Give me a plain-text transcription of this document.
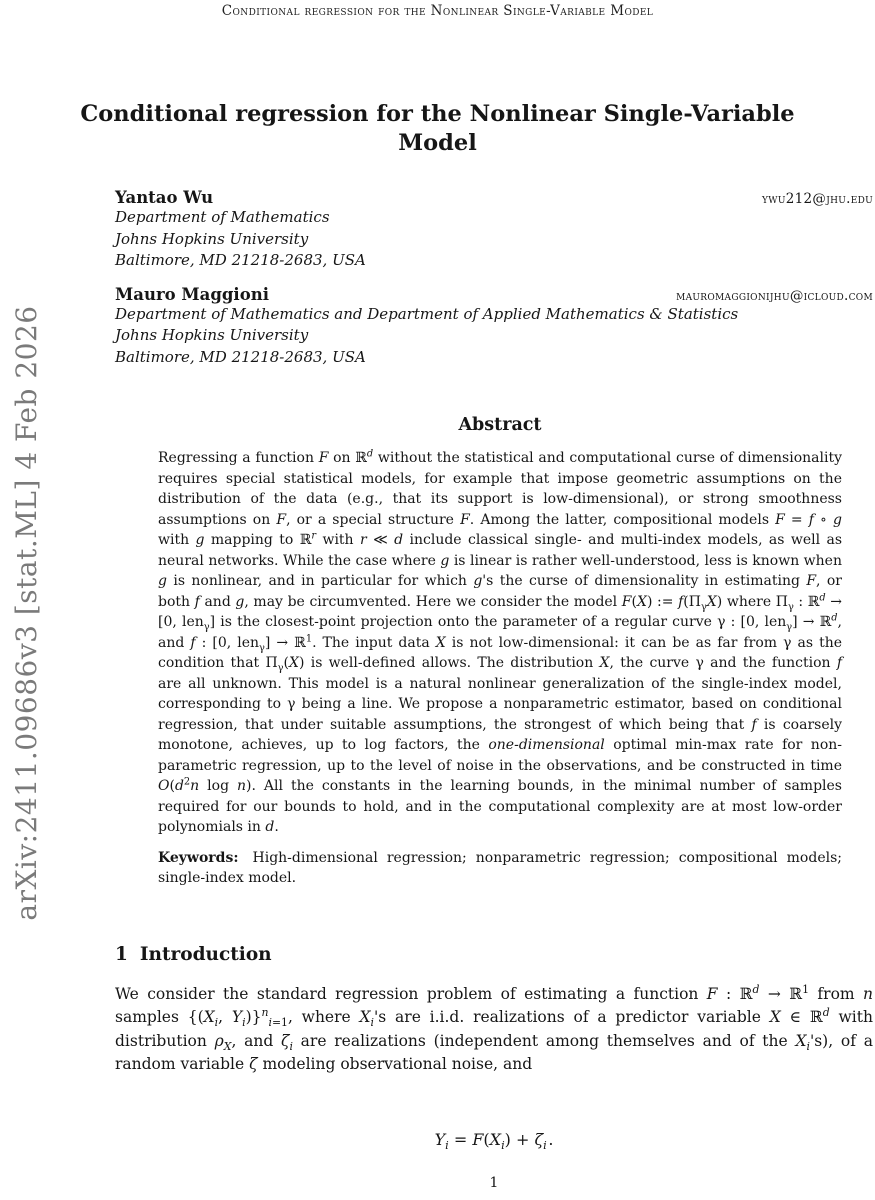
arXiv:2411.09686v3 [stat.ML] 4 Feb 2026
Conditional regression for the Nonlinear Single-Variable Model
Conditional regression for the Nonlinear Single-Variable
Model
Yantao Wu	ywu212@jhu.edu
Department of Mathematics
Johns Hopkins University
Baltimore, MD 21218-2683, USA
Mauro Maggioni	mauromaggionijhu@icloud.com
Department of Mathematics and Department of Applied Mathematics & Statistics
Johns Hopkins University
Baltimore, MD 21218-2683, USA
Abstract

Regressing a function F on ℝ$^d$ without the statistical and computational curse of dimensionality requires special statistical models, for example that impose geometric assumptions on the distribution of the data (e.g., that its support is low-dimensional), or strong smoothness assumptions on F, or a special structure F. Among the latter, compositional models F = f ∘ g with g mapping to ℝ$^r$ with r ≪ d include classical single- and multi-index models, as well as neural networks. While the case where g is linear is rather well-understood, less is known when g is nonlinear, and in particular for which g's the curse of dimensionality in estimating F, or both f and g, may be circumvented. Here we consider the model F(X) := $f(\Pi_\gamma X)$ where $\Pi_\gamma$ : ℝ$^d$ → [0, len$_\gamma$] is the closest-point projection onto the parameter of a regular curve γ : [0, len$_\gamma$] → ℝ$^d$, and f : [0, len$_\gamma$] → ℝ$^1$. The input data X is not low-dimensional: it can be as far from γ as the condition that $\Pi_\gamma(X)$ is well-defined allows. The distribution X, the curve γ and the function f are all unknown. This model is a natural nonlinear generalization of the single-index model, corresponding to γ being a line. We propose a nonparametric estimator, based on conditional regression, that under suitable assumptions, the strongest of which being that f is coarsely monotone, achieves, up to log factors, the one-dimensional optimal min-max rate for non-parametric regression, up to the level of noise in the observations, and be constructed in time $O(d^2n$ log n). All the constants in the learning bounds, in the minimal number of samples required for our bounds to hold, and in the computational complexity are at most low-order polynomials in d.

Keywords: High-dimensional regression; nonparametric regression; compositional models; single-index model.

1 Introduction

We consider the standard regression problem of estimating a function F : ℝ$^d$ → ℝ$^1$ from n samples {($X_i$, $Y_i)\}^n_{i=1}$, where $X_i's$ are i.i.d. realizations of a predictor variable X ∈ ℝ$^d$ with distribution $\rho_X$, and $\zeta_i$ are realizations (independent among themselves and of the $X_i's$), of a random variable ζ modeling observational noise, and

$Y_i = F(X_i) + \zeta_i$ .
1
